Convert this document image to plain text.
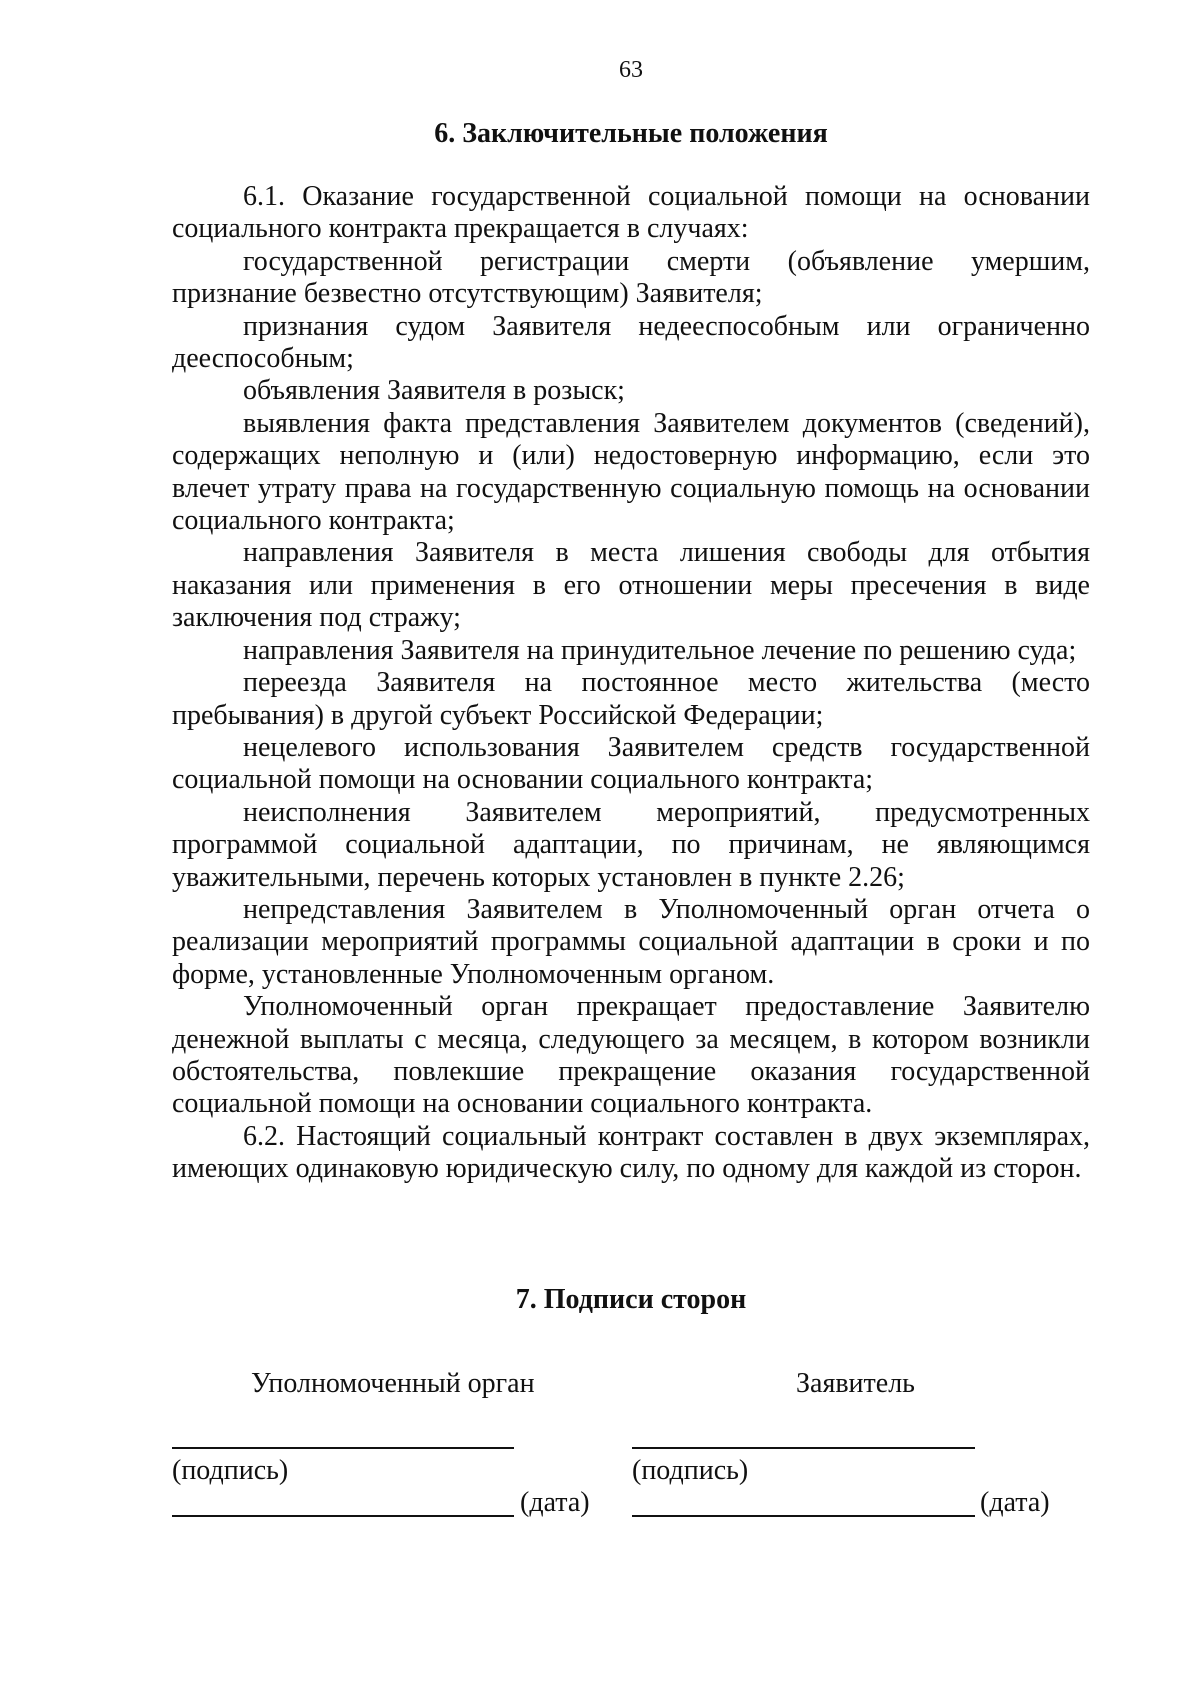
63
6. Заключительные положения

6.1. Оказание государственной социальной помощи на основании социального контракта прекращается в случаях:

государственной регистрации смерти (объявление умершим, признание безвестно отсутствующим) Заявителя;

признания судом Заявителя недееспособным или ограниченно дееспособным;

объявления Заявителя в розыск;

выявления факта представления Заявителем документов (сведений), содержащих неполную и (или) недостоверную информацию, если это влечет утрату права на государственную социальную помощь на основании социального контракта;

направления Заявителя в места лишения свободы для отбытия наказания или применения в его отношении меры пресечения в виде заключения под стражу;

направления Заявителя на принудительное лечение по решению суда;

переезда Заявителя на постоянное место жительства (место пребывания) в другой субъект Российской Федерации;

нецелевого использования Заявителем средств государственной социальной помощи на основании социального контракта;

неисполнения Заявителем мероприятий, предусмотренных программой социальной адаптации, по причинам, не являющимся уважительными, перечень которых установлен в пункте 2.26;

непредставления Заявителем в Уполномоченный орган отчета о реализации мероприятий программы социальной адаптации в сроки и по форме, установленные Уполномоченным органом.

Уполномоченный орган прекращает предоставление Заявителю денежной выплаты с месяца, следующего за месяцем, в котором возникли обстоятельства, повлекшие прекращение оказания государственной социальной помощи на основании социального контракта.

6.2. Настоящий социальный контракт составлен в двух экземплярах, имеющих одинаковую юридическую силу, по одному для каждой из сторон.

7. Подписи сторон
Уполномоченный орган	Заявитель
(подпись)
(дата)
(подпись)
(дата)
